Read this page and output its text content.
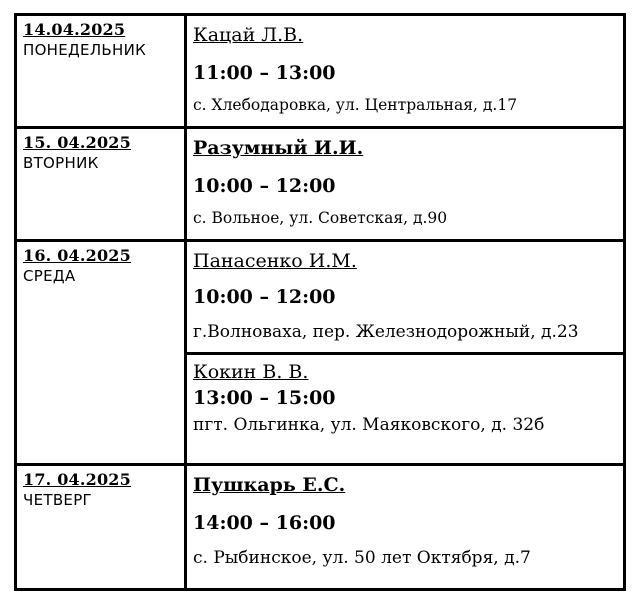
14.04.2025
ПОНЕДЕЛЬНИК
Кацай Л.В.
11:00 – 13:00
с. Хлебодаровка, ул. Центральная, д.17
15. 04.2025
ВТОРНИК
Разумный И.И.
10:00 – 12:00
с. Вольное, ул. Советская, д.90
16. 04.2025
СРЕДА
Панасенко И.М.
10:00 – 12:00
г.Волноваха, пер. Железнодорожный, д.23
Кокин В. В.
13:00 – 15:00
пгт. Ольгинка, ул. Маяковского, д. 32б
17. 04.2025
ЧЕТВЕРГ
Пушкарь Е.С.
14:00 – 16:00
с. Рыбинское, ул. 50 лет Октября, д.7
